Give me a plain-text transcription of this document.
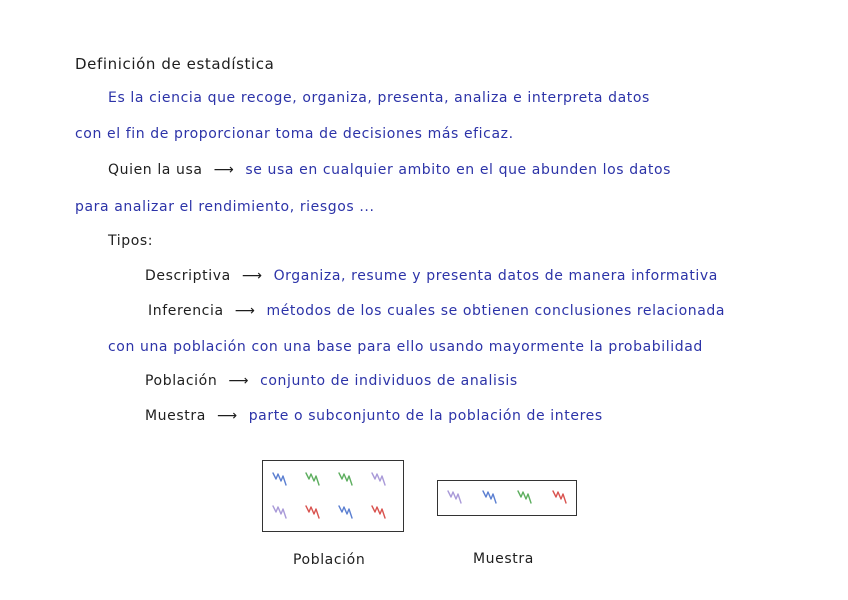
Definición de estadística
Es la ciencia que recoge, organiza, presenta, analiza e interpreta datos
con el fin de proporcionar toma de decisiones más eficaz.
Quien la usa ⟶ se usa en cualquier ambito en el que abunden los datos
para analizar el rendimiento, riesgos ...
Tipos:
Descriptiva ⟶ Organiza, resume y presenta datos de manera informativa
Inferencia ⟶ métodos de los cuales se obtienen conclusiones relacionada
con una población con una base para ello usando mayormente la probabilidad
Población ⟶ conjunto de individuos de analisis
Muestra ⟶ parte o subconjunto de la población de interes
Población	Muestra
